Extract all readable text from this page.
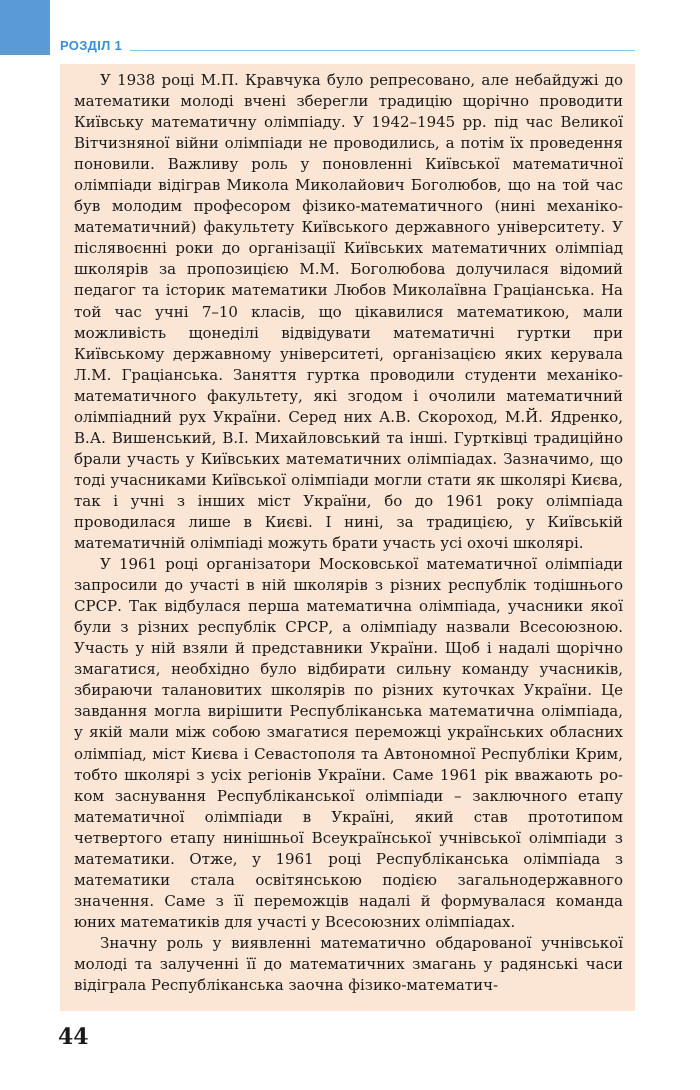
РОЗДІЛ 1

У 1938 році М.П. Кравчука було репресовано, але небайдужі до математики молоді вчені зберегли традицію щорічно проводити Київську математичну олімпіаду. У 1942–1945 рр. під час Великої Вітчизняної війни олімпіади не проводились, а потім їх проведення поновили. Важливу роль у поновленні Київської математичної олімпіади відіграв Микола Миколайович Боголюбов, що на той час був молодим професором фізико-математичного (нині механіко-математичний) факультету Київського державного університету. У післявоєнні роки до організації Київських математичних олімпіад школярів за пропозицією М.М. Боголюбова долучилася відомий педагог та історик математики Любов Миколаївна Граціанська. На той час учні 7–10 класів, що цікавилися математикою, мали можливість щонеділі відвідувати математичні гуртки при Київському державному університеті, організацією яких керувала Л.М. Граціанська. Заняття гуртка проводили студенти механіко-математичного факультету, які згодом і очолили математичний олімпіадний рух України. Серед них А.В. Скороход, М.Й. Ядренко, В.А. Вишенський, В.І. Михайловський та інші. Гуртківці традиційно брали участь у Київських математичних олімпіадах. Зазначимо, що тоді учасниками Київської олімпіади могли стати як школярі Києва, так і учні з інших міст України, бо до 1961 року олімпіада проводилася лише в Києві. І нині, за традицією, у Київській математичній олімпіаді можуть брати участь усі охочі школярі.

У 1961 році організатори Московської математичної олімпіади запросили до участі в ній школярів з різних республік тодішнього СРСР. Так відбулася перша математична олімпіада, учасники якої були з різних республік СРСР, а олімпіаду назвали Всесоюзною. Участь у ній взяли й представники України. Щоб і надалі щорічно змагатися, необхідно було відбирати сильну команду учасників, збираючи талановитих школярів по різних куточках України. Це завдання могла вирішити Республіканська математична олімпіада, у якій мали між собою змагатися переможці українських обласних олімпіад, міст Києва і Севастополя та Автономної Республіки Крим, тобто школярі з усіх регіонів України. Саме 1961 рік вважають роком заснування Республіканської олімпіади – заключного етапу математичної олімпіади в Україні, який став прототипом четвертого етапу нинішньої Всеукраїнської учнівської олімпіади з математики. Отже, у 1961 році Республіканська олімпіада з математики стала освітянською подією загальнодержавного значення. Саме з її переможців надалі й формувалася команда юних математиків для участі у Всесоюзних олімпіадах.

Значну роль у виявленні математично обдарованої учнівської молоді та залученні її до математичних змагань у радянські часи відіграла Республіканська заочна фізико-математич-

44
